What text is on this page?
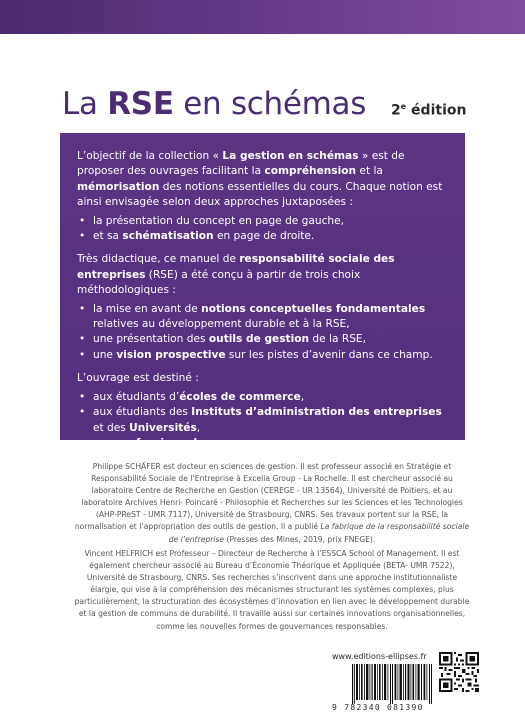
La RSE en schémas 2e édition

L’objectif de la collection « La gestion en schémas » est de proposer des ouvrages facilitant la compréhension et la mémorisation des notions essentielles du cours. Chaque notion est ainsi envisagée selon deux approches juxtaposées :

• la présentation du concept en page de gauche,
• et sa schématisation en page de droite.

Très didactique, ce manuel de responsabilité sociale des entreprises (RSE) a été conçu à partir de trois choix méthodologiques :

• la mise en avant de notions conceptuelles fondamentales relatives au développement durable et à la RSE,
• une présentation des outils de gestion de la RSE,
• une vision prospective sur les pistes d’avenir dans ce champ.

L’ouvrage est destiné :

• aux étudiants d’écoles de commerce,
• aux étudiants des Instituts d’administration des entreprises et des Universités,
• aux professionnels.

Philippe SCHÄFER est docteur en sciences de gestion. Il est professeur associé en Stratégie et Responsabilité Sociale de l’Entreprise à Excelia Group - La Rochelle. Il est chercheur associé au laboratoire Centre de Recherche en Gestion (CEREGE - UR 13564), Université de Poitiers, et au laboratoire Archives Henri- Poincaré - Philosophie et Recherches sur les Sciences et les Technologies (AHP-PReST - UMR 7117), Université de Strasbourg, CNRS. Ses travaux portent sur la RSE, la normalisation et l’appropriation des outils de gestion. Il a publié La fabrique de la responsabilité sociale de l’entreprise (Presses des Mines, 2019, prix FNEGE).

Vincent HELFRICH est Professeur – Directeur de Recherche à l’ESSCA School of Management. Il est également chercheur associé au Bureau d’Économie Théorique et Appliquée (BETA- UMR 7522), Université de Strasbourg, CNRS. Ses recherches s’inscrivent dans une approche institutionnaliste élargie, qui vise à la compréhension des mécanismes structurant les systèmes complexes, plus particulièrement, la structuration des écosystèmes d’innovation en lien avec le développement durable et la gestion de communs de durabilité. Il travaille aussi sur certaines innovations organisationnelles, comme les nouvelles formes de gouvernances responsables.

www.editions-ellipses.fr
9 782340 081390
